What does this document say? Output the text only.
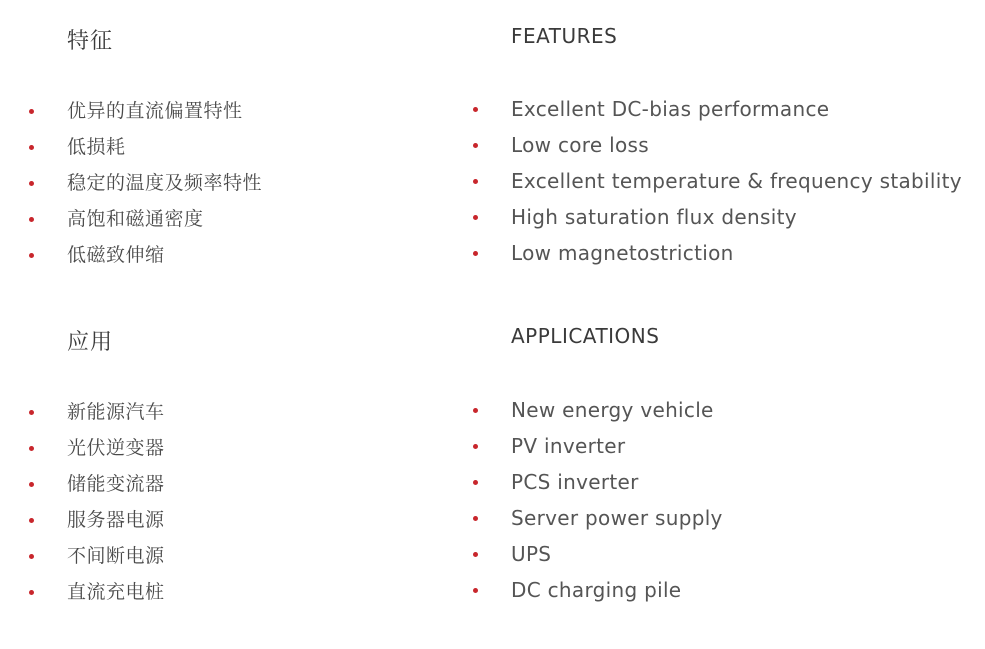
特征
优异的直流偏置特性
低损耗
稳定的温度及频率特性
高饱和磁通密度
低磁致伸缩
FEATURES
Excellent DC-bias performance
Low core loss
Excellent temperature & frequency stability
High saturation flux density
Low magnetostriction
应用
新能源汽车
光伏逆变器
储能变流器
服务器电源
不间断电源
直流充电桩
APPLICATIONS
New energy vehicle
PV inverter
PCS inverter
Server power supply
UPS
DC charging pile
